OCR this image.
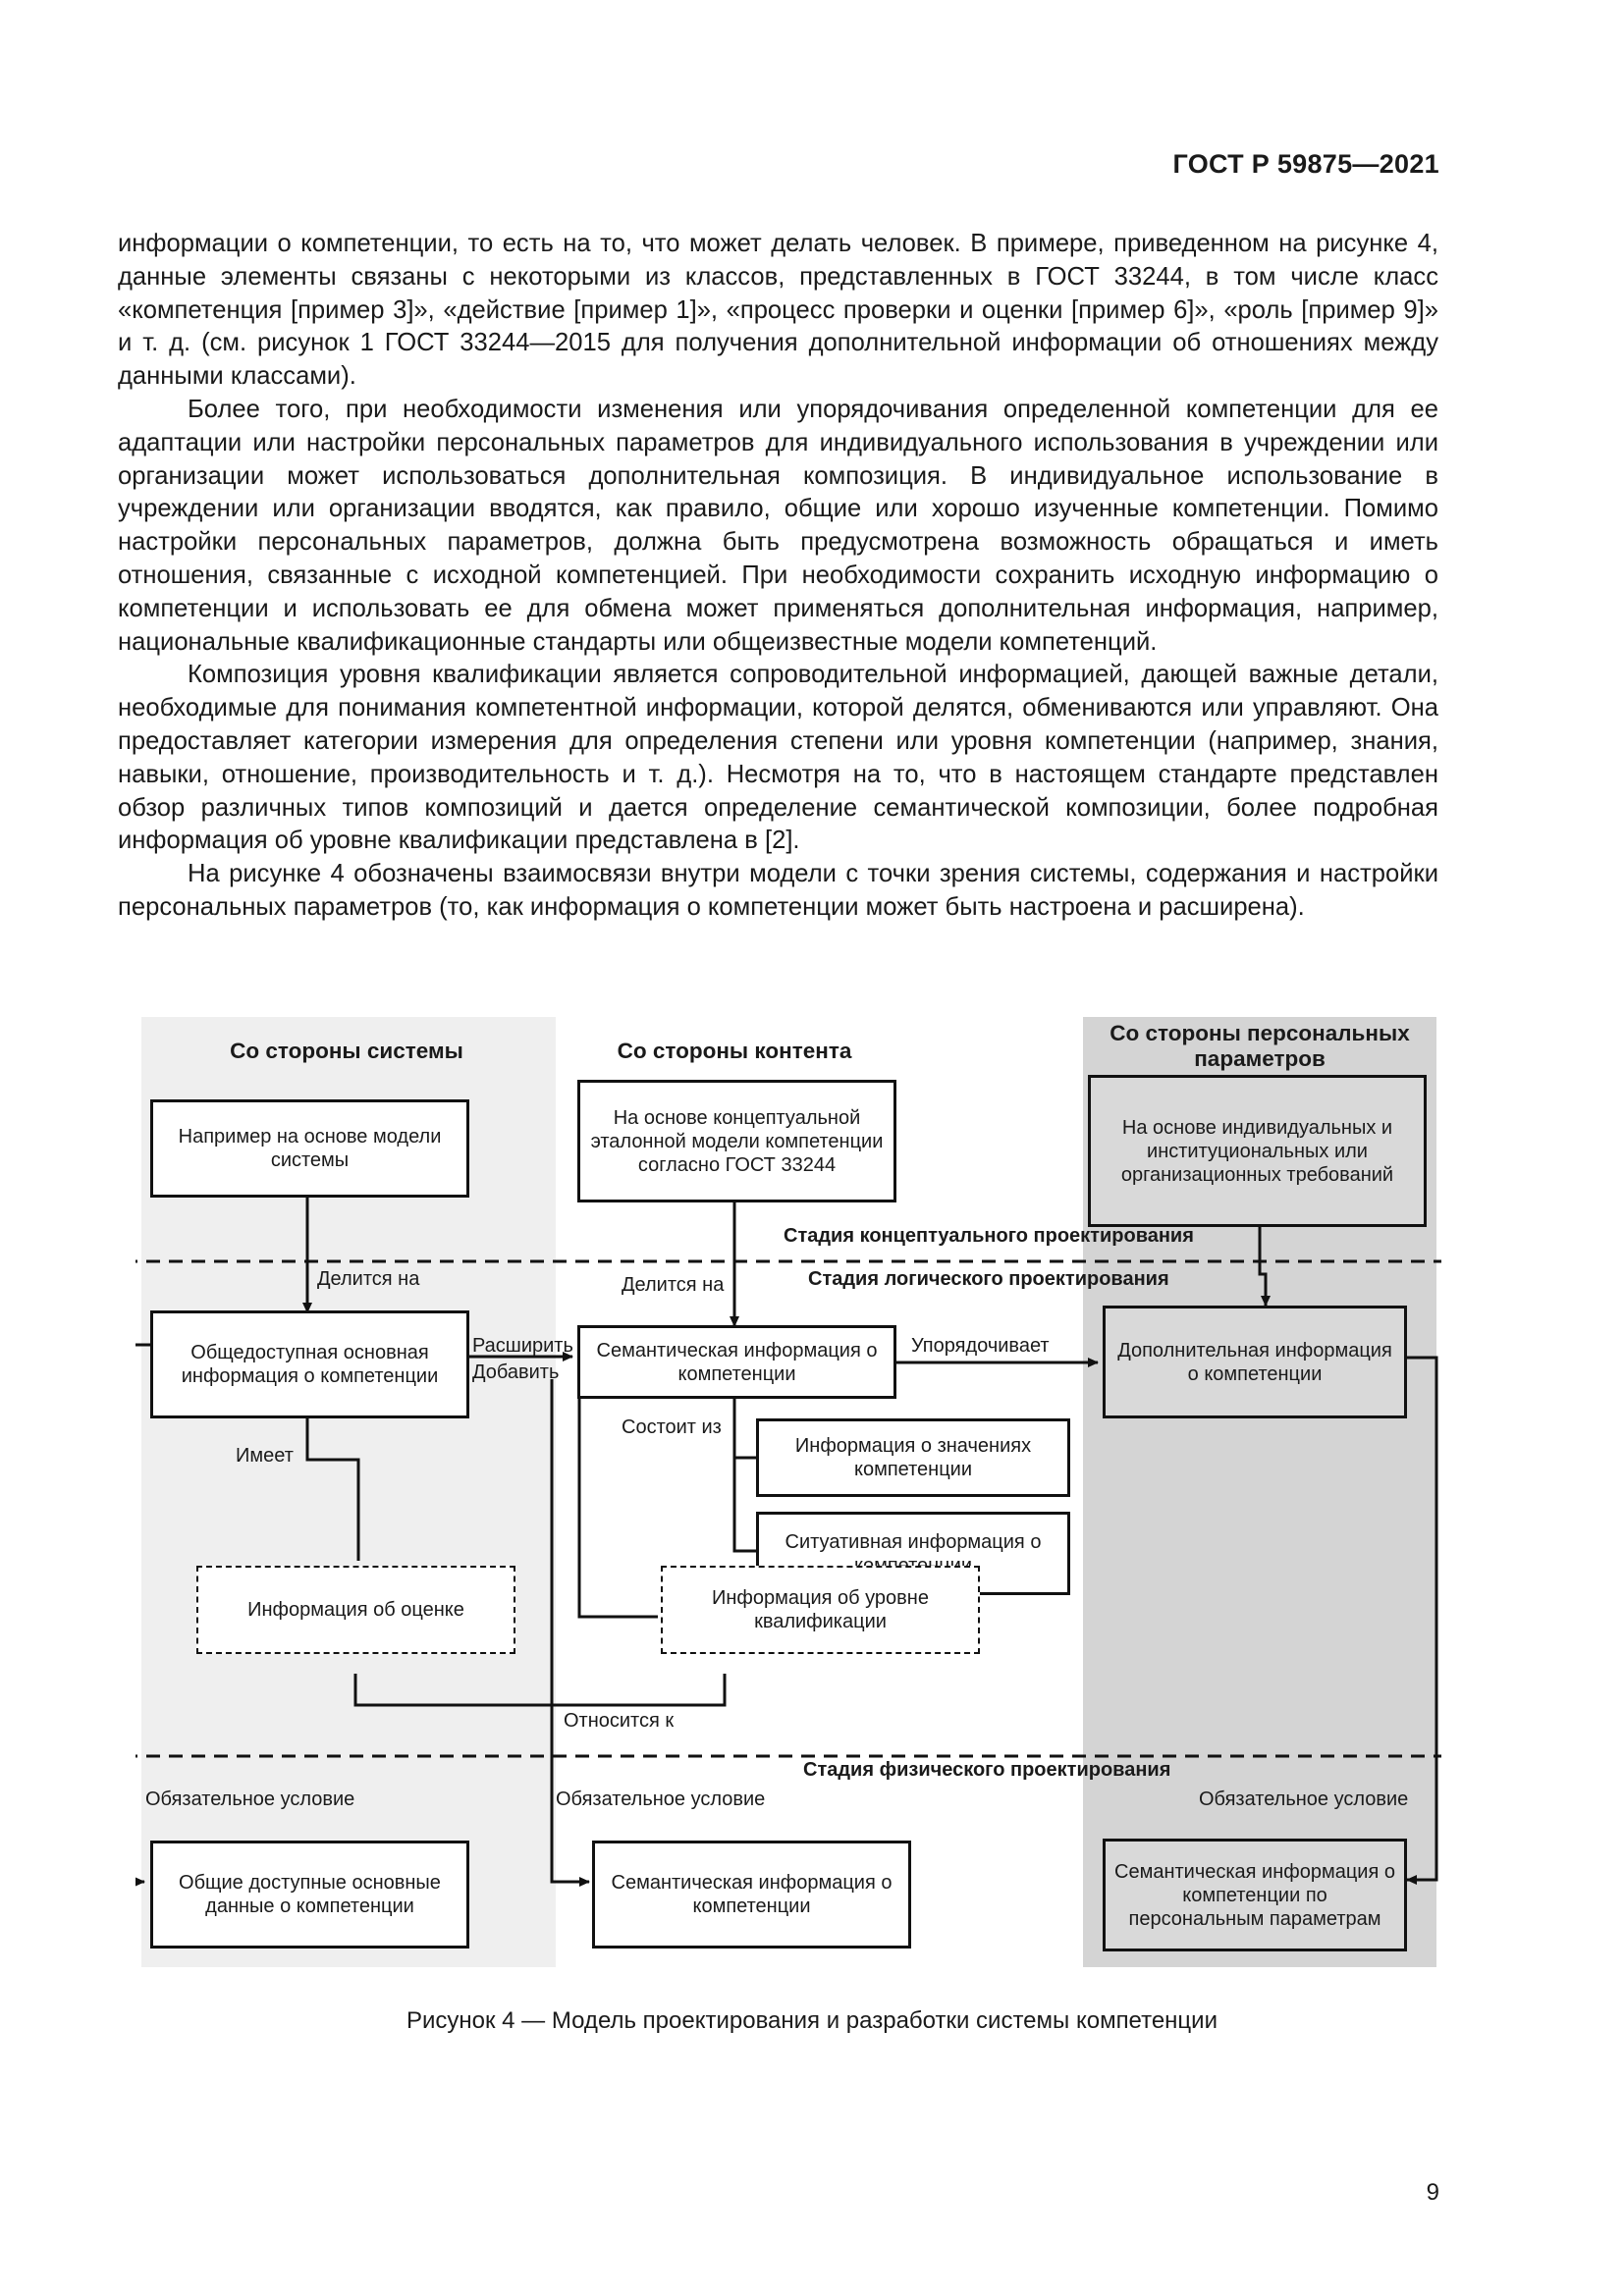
ГОСТ Р 59875—2021

информации о компетенции, то есть на то, что может делать человек. В примере, приведенном на рисунке 4, данные элементы связаны с некоторыми из классов, представленных в ГОСТ 33244, в том числе класс «компетенция [пример 3]», «действие [пример 1]», «процесс проверки и оценки [пример 6]», «роль [пример 9]» и т. д. (см. рисунок 1 ГОСТ 33244—2015 для получения дополнительной информации об отношениях между данными классами).

Более того, при необходимости изменения или упорядочивания определенной компетенции для ее адаптации или настройки персональных параметров для индивидуального использования в учреждении или организации может использоваться дополнительная композиция. В индивидуальное использование в учреждении или организации вводятся, как правило, общие или хорошо изученные компетенции. Помимо настройки персональных параметров, должна быть предусмотрена возможность обращаться и иметь отношения, связанные с исходной компетенцией. При необходимости сохранить исходную информацию о компетенции и использовать ее для обмена может применяться дополнительная информация, например, национальные квалификационные стандарты или общеизвестные модели компетенций.

Композиция уровня квалификации является сопроводительной информацией, дающей важные детали, необходимые для понимания компетентной информации, которой делятся, обмениваются или управляют. Она предоставляет категории измерения для определения степени или уровня компетенции (например, знания, навыки, отношение, производительность и т. д.). Несмотря на то, что в настоящем стандарте представлен обзор различных типов композиций и дается определение семантической композиции, более подробная информация об уровне квалификации представлена в [2].

На рисунке 4 обозначены взаимосвязи внутри модели с точки зрения системы, содержания и настройки персональных параметров (то, как информация о компетенции может быть настроена и расширена).

Со стороны системы	Со стороны контента
Со стороны персональных параметров
Например на основе модели системы
На основе концептуальной эталонной модели компетенции согласно ГОСТ 33244
На основе индивидуальных и институциональных или организационных требований
Стадия концептуального проектирования
Стадия логического проектирования
Делится на	Делится на
Общедоступная основная информация о компетенции
Семантическая информация о компетенции
Дополнительная информация о компетенции
Расширить
Добавить
Упорядочивает
Состоит из
Имеет	Информация о значениях компетенции
Ситуативная информация о
Информация об оценке
Информация об уровне квалификации
Относится к
Стадия физического проектирования
Обязательное условие	Обязательное условие	Обязательное условие
Общие доступные основные данные о компетенции
Семантическая информация о компетенции
Семантическая информация о компетенции по персональным параметрам
Рисунок 4 — Модель проектирования и разработки системы компетенции
9
